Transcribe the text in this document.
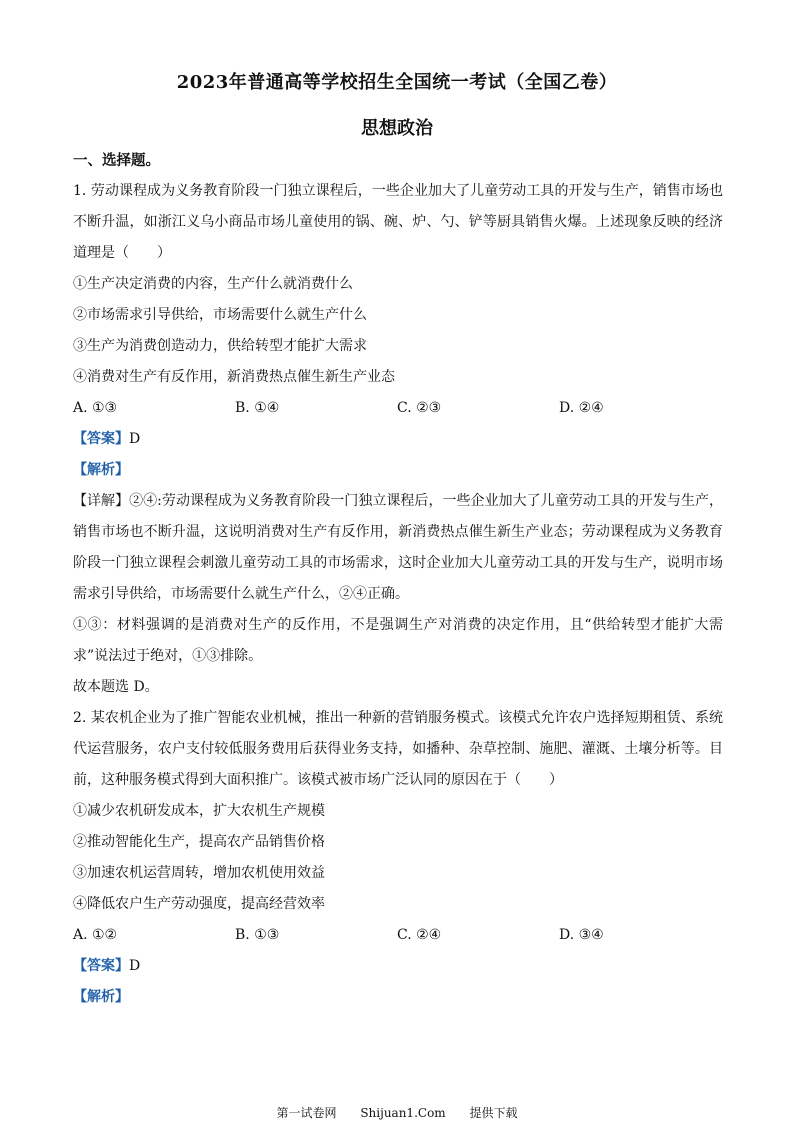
2023年普通高等学校招生全国统一考试（全国乙卷）
思想政治
一、选择题。

1. 劳动课程成为义务教育阶段一门独立课程后，一些企业加大了儿童劳动工具的开发与生产，销售市场也不断升温，如浙江义乌小商品市场儿童使用的锅、碗、炉、勺、铲等厨具销售火爆。上述现象反映的经济道理是（　　）

①生产决定消费的内容，生产什么就消费什么

②市场需求引导供给，市场需要什么就生产什么

③生产为消费创造动力，供给转型才能扩大需求

④消费对生产有反作用，新消费热点催生新生产业态

A. ①③	B. ①④	C. ②③	D. ②④

【答案】D

【解析】

【详解】②④:劳动课程成为义务教育阶段一门独立课程后，一些企业加大了儿童劳动工具的开发与生产，销售市场也不断升温，这说明消费对生产有反作用，新消费热点催生新生产业态；劳动课程成为义务教育阶段一门独立课程会刺激儿童劳动工具的市场需求，这时企业加大儿童劳动工具的开发与生产，说明市场需求引导供给，市场需要什么就生产什么，②④正确。

①③：材料强调的是消费对生产的反作用，不是强调生产对消费的决定作用，且“供给转型才能扩大需求”说法过于绝对，①③排除。

故本题选 D。

2. 某农机企业为了推广智能农业机械，推出一种新的营销服务模式。该模式允许农户选择短期租赁、系统代运营服务，农户支付较低服务费用后获得业务支持，如播种、杂草控制、施肥、灌溉、土壤分析等。目前，这种服务模式得到大面积推广。该模式被市场广泛认同的原因在于（　　）

①减少农机研发成本，扩大农机生产规模

②推动智能化生产，提高农产品销售价格

③加速农机运营周转，增加农机使用效益

④降低农户生产劳动强度，提高经营效率

A. ①②	B. ①③	C. ②④	D. ③④

【答案】D

【解析】

第一试卷网 Shijuan1.Com 提供下载
